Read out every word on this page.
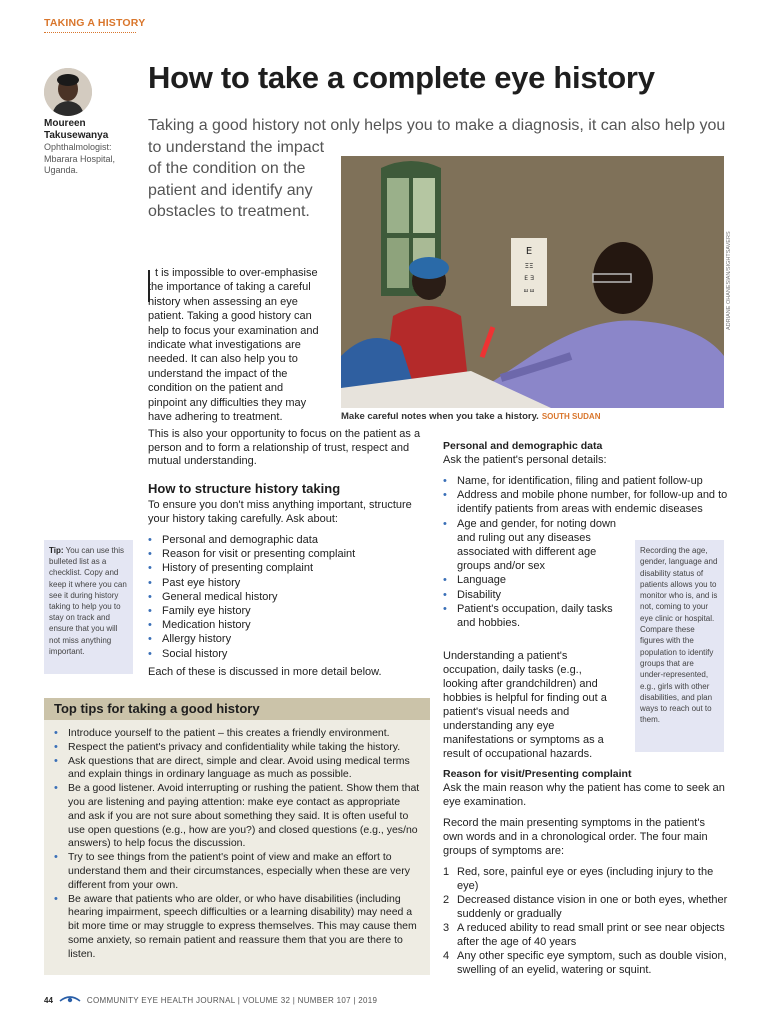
TAKING A HISTORY
Moureen Takusewanya
Ophthalmologist: Mbarara Hospital, Uganda.
How to take a complete eye history
Taking a good history not only helps you to make a diagnosis, it can also help you
to understand the impact of the condition on the patient and identify any obstacles to treatment.
E
ΞΞ
Ε ∃
ш ш	ADRIANE OHANESIAN/SIGHTSAVERS
Make careful notes when you take a history. SOUTH SUDAN
t is impossible to over-emphasise the importance of taking a careful history when assessing an eye patient. Taking a good history can help to focus your examination and indicate what investigations are needed. It can also help you to understand the impact of the condition on the patient and pinpoint any difficulties they may have adhering to treatment.
This is also your opportunity to focus on the patient as a person and to form a relationship of trust, respect and mutual understanding.
How to structure history taking
To ensure you don't miss anything important, structure your history taking carefully. Ask about:
• Personal and demographic data
• Reason for visit or presenting complaint
• History of presenting complaint
• Past eye history
• General medical history
• Family eye history
• Medication history
• Allergy history
• Social history
Each of these is discussed in more detail below.
Tip: You can use this bulleted list as a checklist. Copy and keep it where you can see it during history taking to help you to stay on track and ensure that you will not miss anything important.
Top tips for taking a good history
• Introduce yourself to the patient – this creates a friendly environment.
• Respect the patient's privacy and confidentiality while taking the history.
• Ask questions that are direct, simple and clear. Avoid using medical terms and explain things in ordinary language as much as possible.
• Be a good listener. Avoid interrupting or rushing the patient. Show them that you are listening and paying attention: make eye contact as appropriate and ask if you are not sure about something they said. It is often useful to use open questions (e.g., how are you?) and closed questions (e.g., yes/no answers) to help focus the discussion.
• Try to see things from the patient's point of view and make an effort to understand them and their circumstances, especially when these are very different from your own.
• Be aware that patients who are older, or who have disabilities (including hearing impairment, speech difficulties or a learning disability) may need a bit more time or may struggle to express themselves. This may cause them some anxiety, so remain patient and reassure them that you are there to listen.
Personal and demographic data
Ask the patient's personal details:
• Name, for identification, filing and patient follow-up
• Address and mobile phone number, for follow-up and to identify patients from areas with endemic diseases
• Age and gender, for noting down and ruling out any diseases associated with different age groups and/or sex
• Language
• Disability
• Patient's occupation, daily tasks and hobbies.
Recording the age, gender, language and disability status of patients allows you to monitor who is, and is not, coming to your eye clinic or hospital. Compare these figures with the population to identify groups that are under-represented, e.g., girls with other disabilities, and plan ways to reach out to them.
Understanding a patient's occupation, daily tasks (e.g., looking after grandchildren) and hobbies is helpful for finding out a patient's visual needs and understanding any eye manifestations or symptoms as a result of occupational hazards.
Reason for visit/Presenting complaint
Ask the main reason why the patient has come to seek an eye examination.
Record the main presenting symptoms in the patient's own words and in a chronological order. The four main groups of symptoms are:
1 Red, sore, painful eye or eyes (including injury to the eye)
2 Decreased distance vision in one or both eyes, whether suddenly or gradually
3 A reduced ability to read small print or see near objects after the age of 40 years
4 Any other specific eye symptom, such as double vision, swelling of an eyelid, watering or squint.
44	COMMUNITY EYE HEALTH JOURNAL | VOLUME 32 | NUMBER 107 | 2019
